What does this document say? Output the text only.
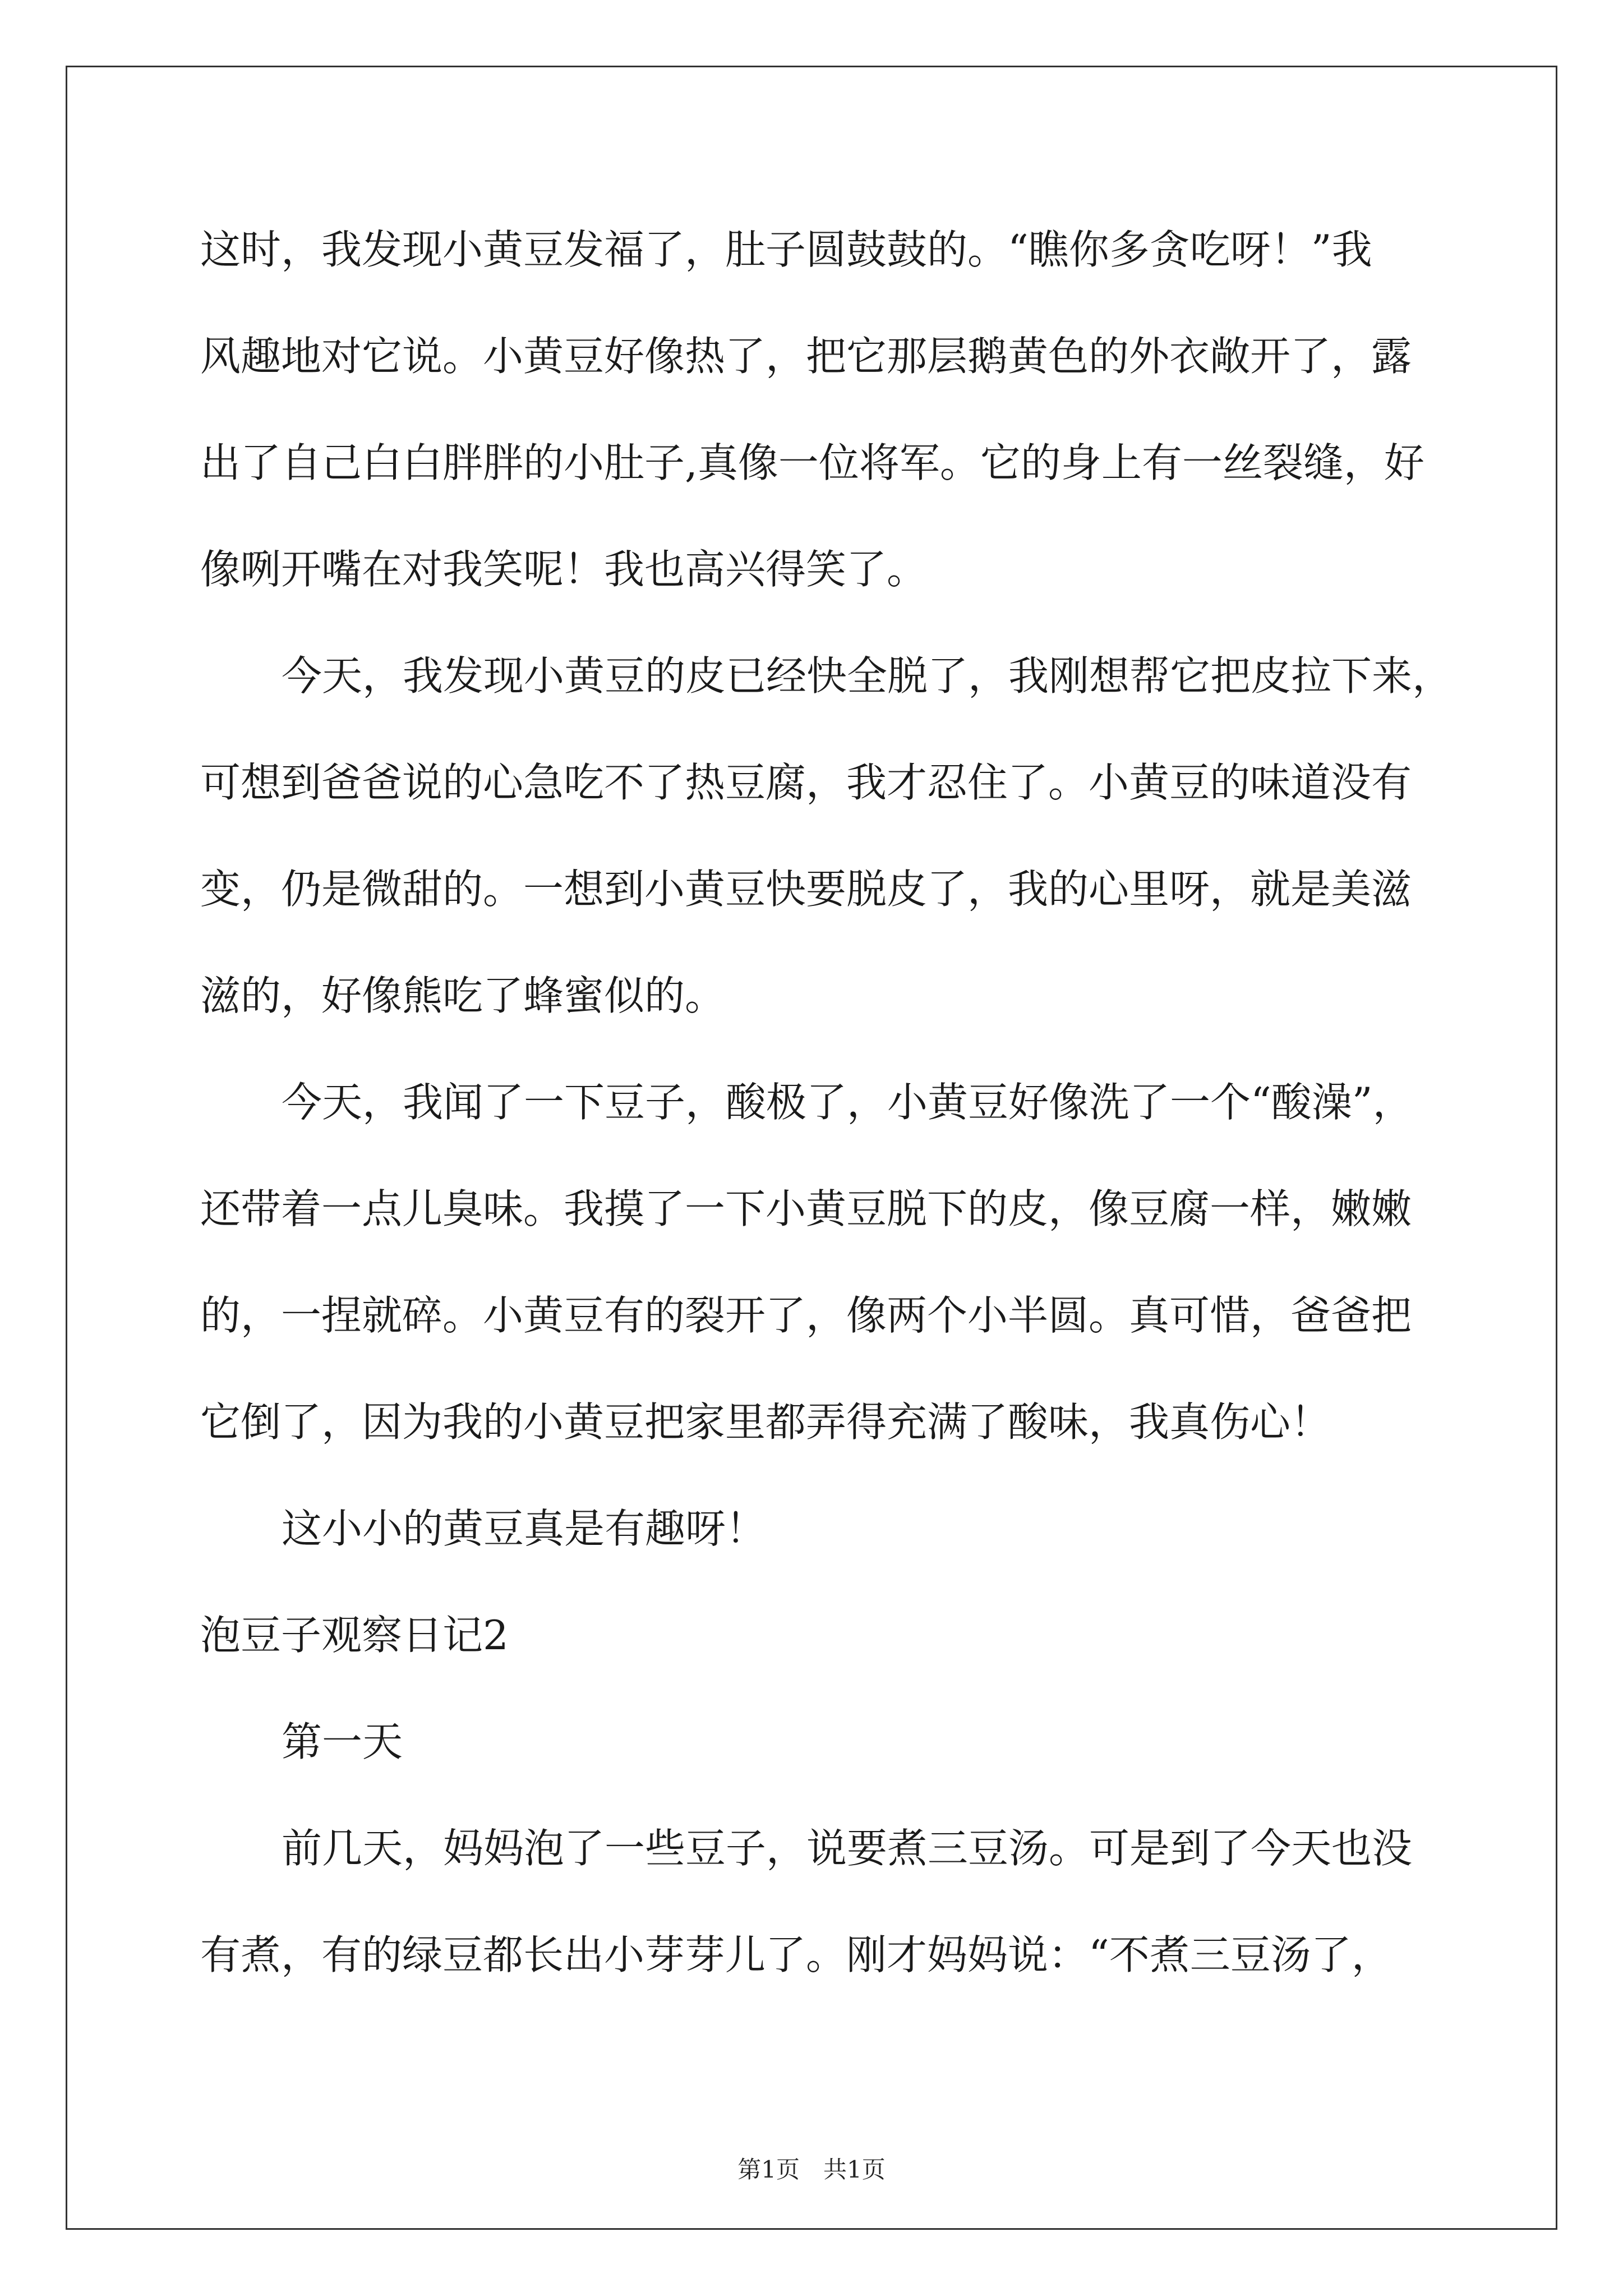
这时，我发现小黄豆发福了，肚子圆鼓鼓的。“瞧你多贪吃呀！”我
风趣地对它说。小黄豆好像热了，把它那层鹅黄色的外衣敞开了，露
出了自己白白胖胖的小肚子,真像一位将军。它的身上有一丝裂缝，好
像咧开嘴在对我笑呢！我也高兴得笑了。
今天，我发现小黄豆的皮已经快全脱了，我刚想帮它把皮拉下来，
可想到爸爸说的心急吃不了热豆腐，我才忍住了。小黄豆的味道没有
变，仍是微甜的。一想到小黄豆快要脱皮了，我的心里呀，就是美滋
滋的，好像熊吃了蜂蜜似的。
今天，我闻了一下豆子，酸极了，小黄豆好像洗了一个“酸澡”，
还带着一点儿臭味。我摸了一下小黄豆脱下的皮，像豆腐一样，嫩嫩
的，一捏就碎。小黄豆有的裂开了，像两个小半圆。真可惜，爸爸把
它倒了，因为我的小黄豆把家里都弄得充满了酸味，我真伤心！
这小小的黄豆真是有趣呀！
泡豆子观察日记2
第一天
前几天，妈妈泡了一些豆子，说要煮三豆汤。可是到了今天也没
有煮，有的绿豆都长出小芽芽儿了。刚才妈妈说：“不煮三豆汤了，
第1页　共1页
